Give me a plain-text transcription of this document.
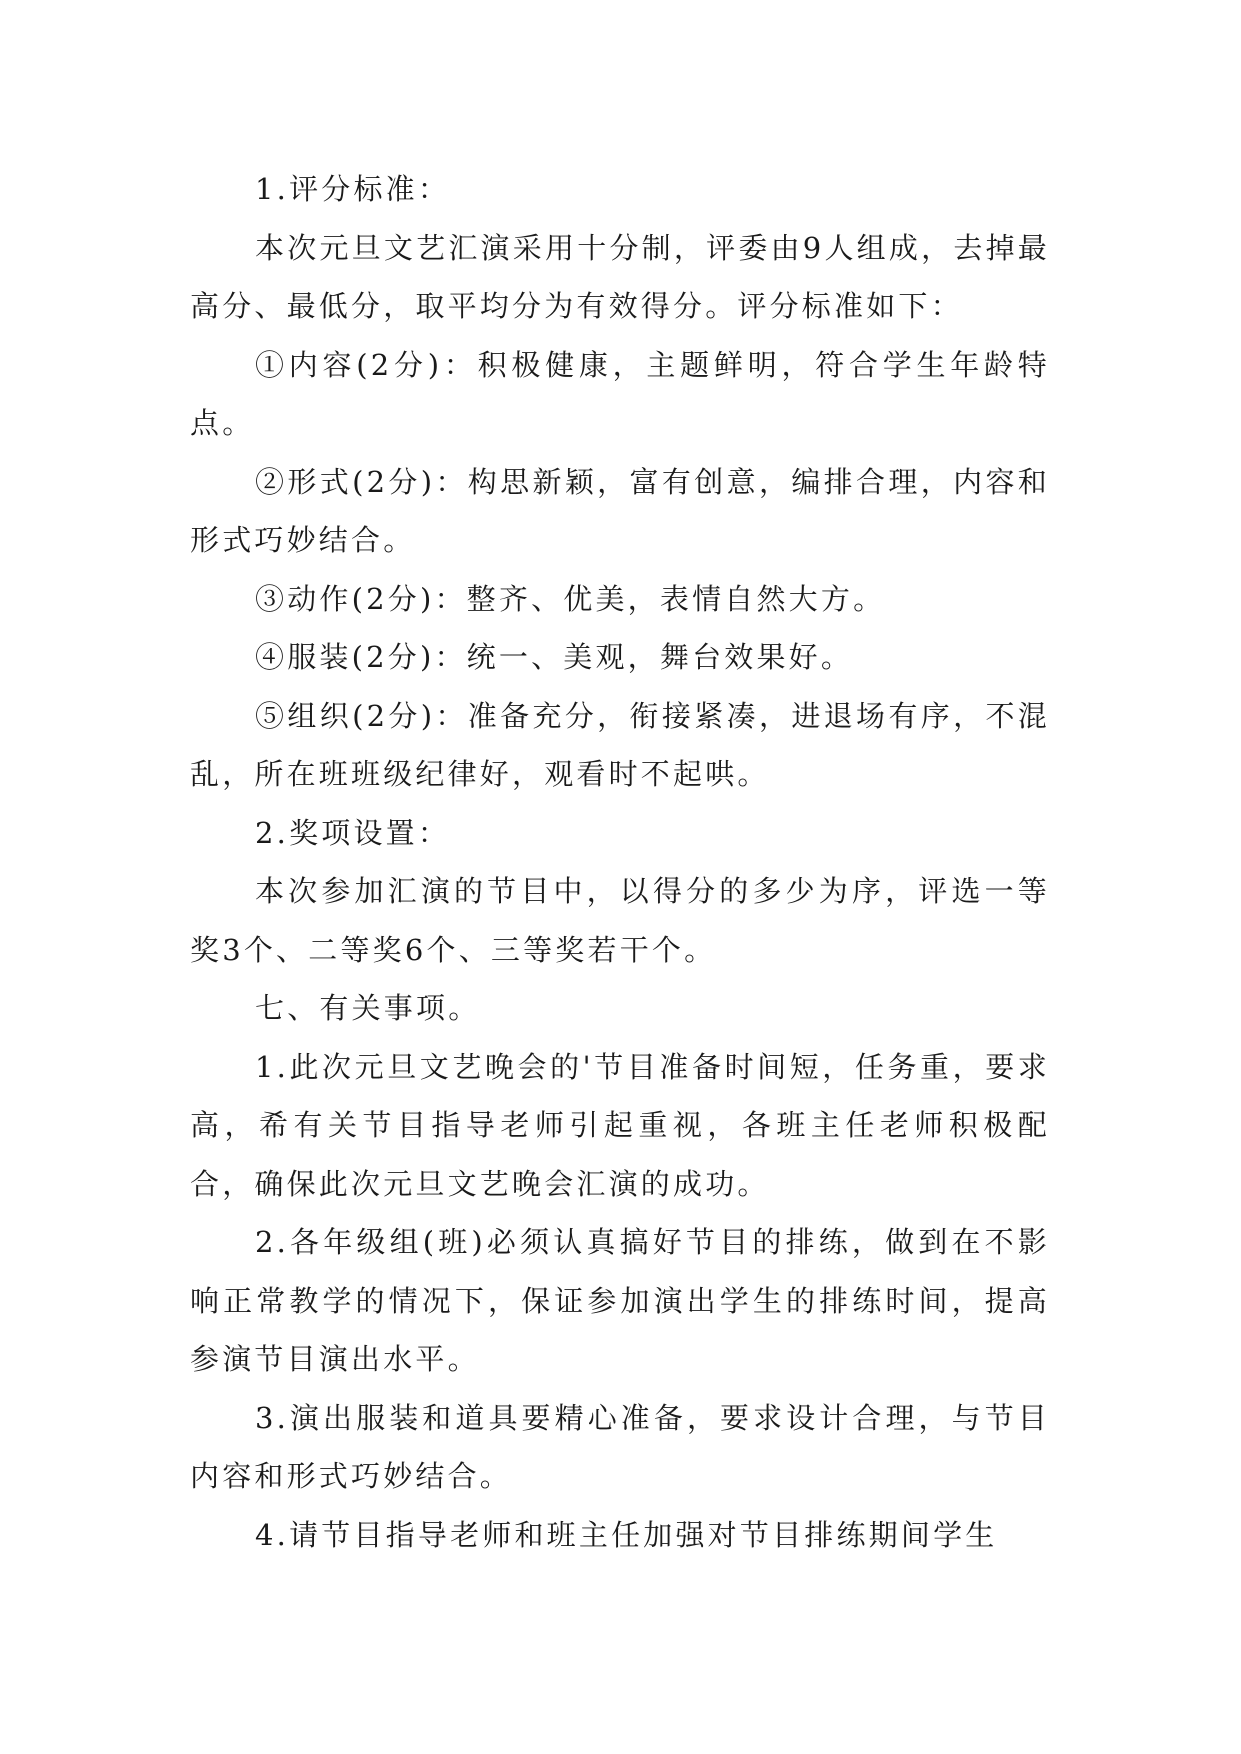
1.评分标准：

本次元旦文艺汇演采用十分制，评委由9人组成，去掉最高分、最低分，取平均分为有效得分。评分标准如下：

①内容(2分)：积极健康，主题鲜明，符合学生年龄特点。

②形式(2分)：构思新颖，富有创意，编排合理，内容和形式巧妙结合。

③动作(2分)：整齐、优美，表情自然大方。

④服装(2分)：统一、美观，舞台效果好。

⑤组织(2分)：准备充分，衔接紧凑，进退场有序，不混乱，所在班班级纪律好，观看时不起哄。

2.奖项设置：

本次参加汇演的节目中，以得分的多少为序，评选一等奖3个、二等奖6个、三等奖若干个。

七、有关事项。

1.此次元旦文艺晚会的'节目准备时间短，任务重，要求高，希有关节目指导老师引起重视，各班主任老师积极配合，确保此次元旦文艺晚会汇演的成功。

2.各年级组(班)必须认真搞好节目的排练，做到在不影响正常教学的情况下，保证参加演出学生的排练时间，提高参演节目演出水平。

3.演出服装和道具要精心准备，要求设计合理，与节目内容和形式巧妙结合。

4.请节目指导老师和班主任加强对节目排练期间学生
